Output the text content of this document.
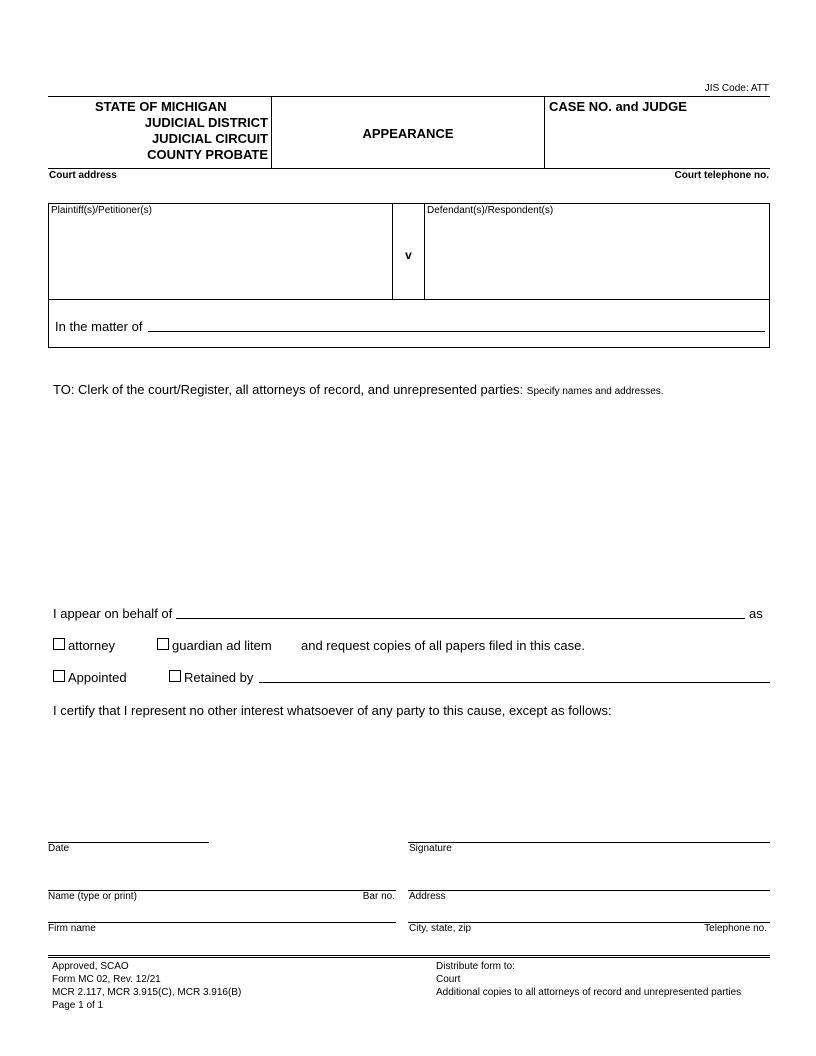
JIS Code: ATT
STATE OF MICHIGAN
JUDICIAL DISTRICT
JUDICIAL CIRCUIT
COUNTY PROBATE
APPEARANCE
CASE NO. and JUDGE
Court address	Court telephone no.
Plaintiff(s)/Petitioner(s)
v
Defendant(s)/Respondent(s)
In the matter of
TO: Clerk of the court/Register, all attorneys of record, and unrepresented parties: Specify names and addresses.
I appear on behalf of	as
attorney	guardian ad litem and request copies of all papers filed in this case.
Appointed	Retained by
I certify that I represent no other interest whatsoever of any party to this cause, except as follows:
Date	Signature
Name (type or print)	Bar no. Address
Firm name	City, state, zip	Telephone no.
Approved, SCAO
Form MC 02, Rev. 12/21
MCR 2.117, MCR 3.915(C), MCR 3.916(B)
Page 1 of 1
Distribute form to:
Court
Additional copies to all attorneys of record and unrepresented parties
